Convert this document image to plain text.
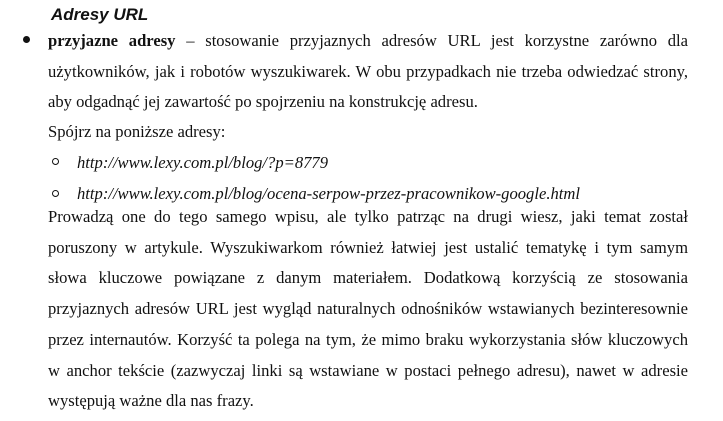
Adresy URL
przyjazne adresy – stosowanie przyjaznych adresów URL jest korzystne zarówno dla użytkowników, jak i robotów wyszukiwarek. W obu przypadkach nie trzeba odwiedzać strony, aby odgadnąć jej zawartość po spojrzeniu na konstrukcję adresu.
Spójrz na poniższe adresy:
http://www.lexy.com.pl/blog/?p=8779
http://www.lexy.com.pl/blog/ocena-serpow-przez-pracownikow-google.html
Prowadzą one do tego samego wpisu, ale tylko patrząc na drugi wiesz, jaki temat został poruszony w artykule. Wyszukiwarkom również łatwiej jest ustalić tematykę i tym samym słowa kluczowe powiązane z danym materiałem. Dodatkową korzyścią ze stosowania przyjaznych adresów URL jest wygląd naturalnych odnośników wstawianych bezinteresownie przez internautów. Korzyść ta polega na tym, że mimo braku wykorzystania słów kluczowych w anchor tekście (zazwyczaj linki są wstawiane w postaci pełnego adresu), nawet w adresie występują ważne dla nas frazy.
